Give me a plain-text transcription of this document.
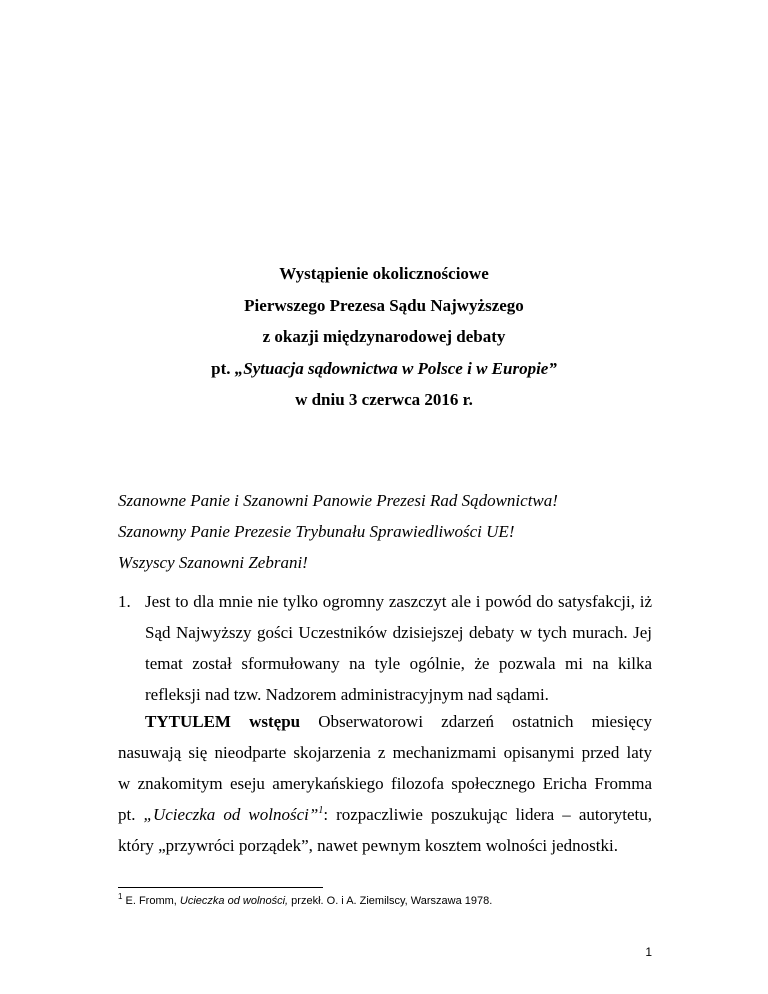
Wystąpienie okolicznościowe
Pierwszego Prezesa Sądu Najwyższego
z okazji międzynarodowej debaty
pt. „Sytuacja sądownictwa w Polsce i w Europie”
w dniu 3 czerwca 2016 r.
Szanowne Panie i Szanowni Panowie Prezesi Rad Sądownictwa!
Szanowny Panie Prezesie Trybunału Sprawiedliwości UE!
Wszyscy Szanowni Zebrani!
1. Jest to dla mnie nie tylko ogromny zaszczyt ale i powód do satysfakcji, iż
Sąd Najwyższy gości Uczestników dzisiejszej debaty w tych murach. Jej
temat został sformułowany na tyle ogólnie, że pozwala mi na kilka
refleksji nad tzw. Nadzorem administracyjnym nad sądami.
TYTULEM wstępu Obserwatorowi zdarzeń ostatnich miesięcy
nasuwają się nieodparte skojarzenia z mechanizmami opisanymi przed laty
w znakomitym eseju amerykańskiego filozofa społecznego Ericha Fromma
pt. „Ucieczka od wolności”$^1$: rozpaczliwie poszukując lidera – autorytetu,
który „przywróci porządek”, nawet pewnym kosztem wolności jednostki.
$^1$ E. Fromm, Ucieczka od wolności, przekł. O. i A. Ziemilscy, Warszawa 1978.
1
